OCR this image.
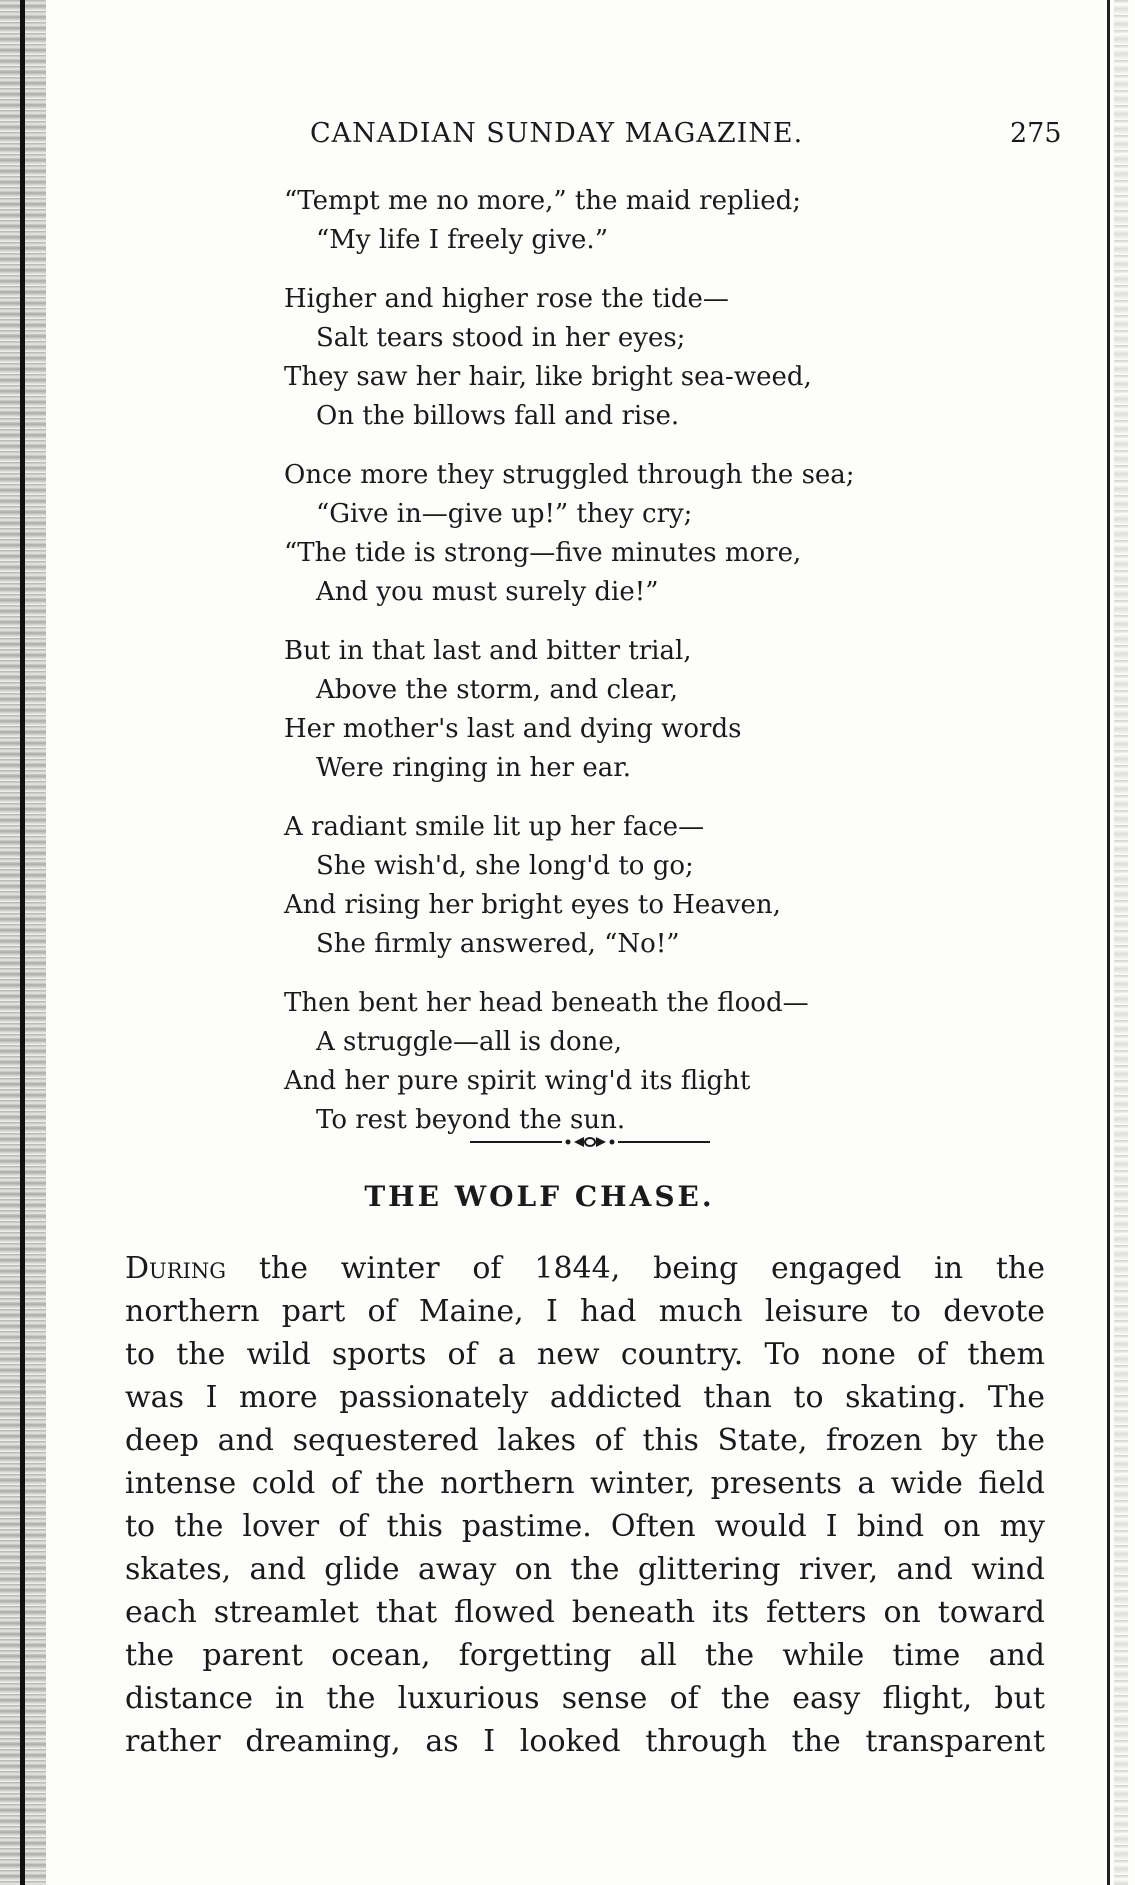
CANADIAN SUNDAY MAGAZINE.	275
“Tempt me no more,” the maid replied;
“My life I freely give.”
Higher and higher rose the tide—
Salt tears stood in her eyes;
They saw her hair, like bright sea-weed,
On the billows fall and rise.
Once more they struggled through the sea;
“Give in—give up!” they cry;
“The tide is strong—five minutes more,
And you must surely die!”
But in that last and bitter trial,
Above the storm, and clear,
Her mother's last and dying words
Were ringing in her ear.
A radiant smile lit up her face—
She wish'd, she long'd to go;
And rising her bright eyes to Heaven,
She firmly answered, “No!”
Then bent her head beneath the flood—
A struggle—all is done,
And her pure spirit wing'd its flight
To rest beyond the sun.
THE WOLF CHASE.
During the winter of 1844, being engaged in the
northern part of Maine, I had much leisure to devote
to the wild sports of a new country. To none of them
was I more passionately addicted than to skating. The
deep and sequestered lakes of this State, frozen by the
intense cold of the northern winter, presents a wide field
to the lover of this pastime. Often would I bind on my
skates, and glide away on the glittering river, and wind
each streamlet that flowed beneath its fetters on toward
the parent ocean, forgetting all the while time and
distance in the luxurious sense of the easy flight, but
rather dreaming, as I looked through the transparent
